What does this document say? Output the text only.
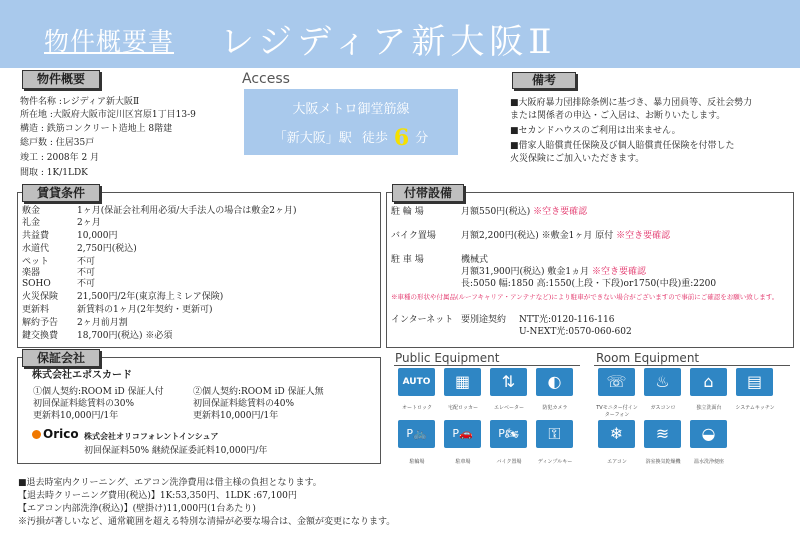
物件概要書 レジディア新大阪Ⅱ
物件概要
物件名称 :レジディア新大阪Ⅱ
所在地 :大阪府大阪市淀川区宮原1丁目13-9
構造 : 鉄筋コンクリート造地上 8階建
総戸数 : 住居35戸
竣工 : 2008年 2 月
間取 : 1K/1LDK
Access
大阪メトロ御堂筋線
「新大阪」駅 徒歩 6 分
備考
■大阪府暴力団排除条例に基づき、暴力団員等、反社会勢力
または関係者の申込・ご入居は、お断りいたします。
■セカンドハウスのご利用は出来ません。
■借家人賠償責任保険及び個人賠償責任保険を付帯した
火災保険にご加入いただきます。
賃貸条件
敷金	1ヶ月(保証会社利用必須/大手法人の場合は敷金2ヶ月)
礼金	2ヶ月
共益費	10,000円
水道代	2,750円(税込)
ペット	不可
楽器	不可
SOHO	不可
火災保険 21,500円/2年(東京海上ミレア保険)
更新料	新賃料の1ヶ月(2年契約・更新可)
解約予告 2ヶ月前月割
鍵交換費 18,700円(税込) ※必須
付帯設備
駐 輪 場	月額550円(税込) ※空き要確認
バイク置場	月額2,200円(税込) ※敷金1ヶ月 原付 ※空き要確認
駐 車 場	機械式
月額31,900円(税込) 敷金1ヵ月 ※空き要確認
長:5050 幅:1850 高:1550(上段・下段)or1750(中段)重:2200
※車種の形状や付属品(ルーフキャリア・アンテナなど)により駐車ができない場合がございますので事前にご確認をお願い致します。
インターネット 要別途契約 NTT光:0120-116-116
U-NEXT光:0570-060-602
保証会社
株式会社エポスカード
①個人契約:ROOM iD 保証人付
初回保証料総賃料の30%
更新料10,000円/1年
②個人契約:ROOM iD 保証人無
初回保証料総賃料の40%
更新料10,000円/1年
Orico 株式会社オリコフォレントインシュア
初回保証料50% 継続保証委託料10,000円/年
Public Equipment
AUTO
オートロック
▦
宅配ロッカー
⇅
エレベーター
◐
防犯カメラ
P🚲
駐輪場
P🚗
駐車場
P🏍
バイク置場
⚿
ディンプルキー
Room Equipment
☏
TVモニター付インターフォン
♨
ガスコンロ
⌂
独立洗面台
▤
システムキッチン
❄
エアコン
≋
浴室換気乾燥機
◒
温水洗浄便座
■退去時室内クリーニング、エアコン洗浄費用は借主様の負担となります。
【退去時クリーニング費用(税込)】1K:53,350円、1LDK :67,100円
【エアコン内部洗浄(税込)】(壁掛け)11,000円(1台あたり)
※汚損が著しいなど、通常範囲を超える特別な清掃が必要な場合は、金額が変更になります。
